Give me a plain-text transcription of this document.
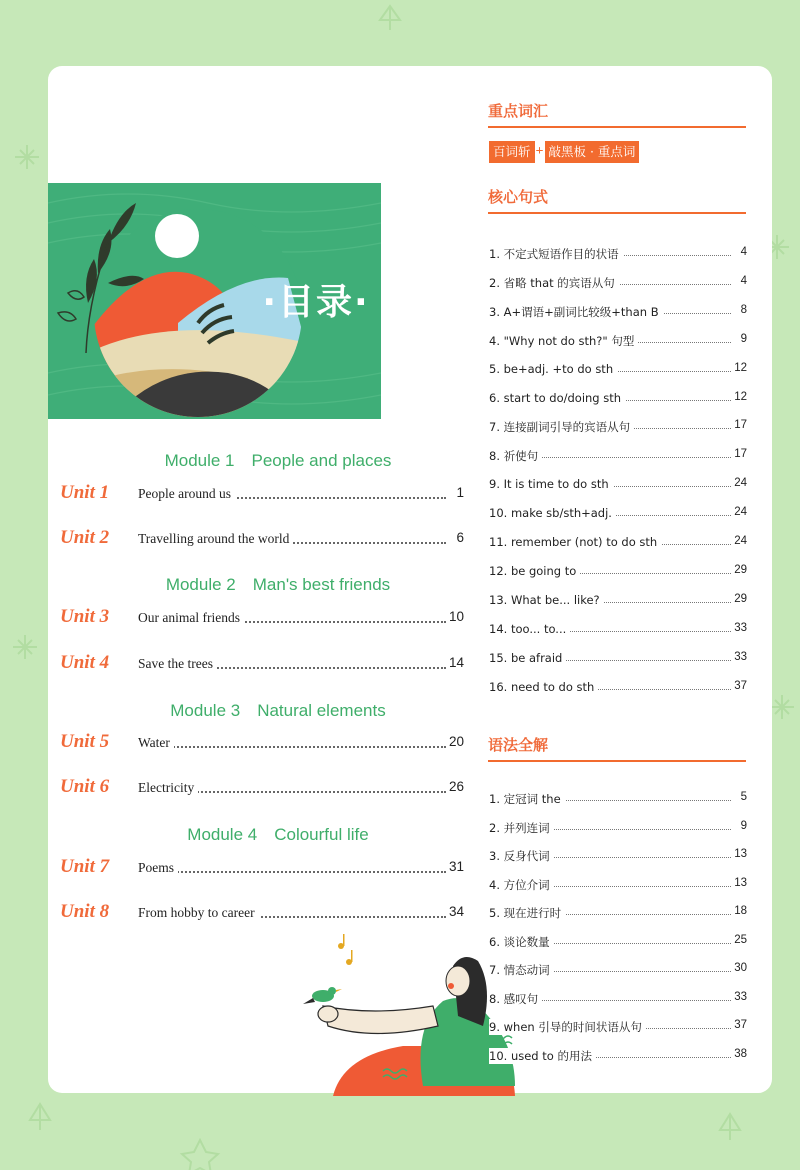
·目录·
Module 1　People and places
Unit 1	People around us	1
Unit 2	Travelling around the world	6
Module 2　Man's best friends
Unit 3	Our animal friends	10
Unit 4	Save the trees	14
Module 3　Natural elements
Unit 5	Water	20
Unit 6	Electricity	26
Module 4　Colourful life
Unit 7	Poems	31
Unit 8	From hobby to career	34
重点词汇
百词斩 + 敲黑板 · 重点词
核心句式
1. 不定式短语作目的状语	4
2. 省略 that 的宾语从句	4
3. A+谓语+副词比较级+than B	8
4. "Why not do sth?" 句型	9
5. be+adj. +to do sth	12
6. start to do/doing sth	12
7. 连接副词引导的宾语从句	17
8. 祈使句	17
9. It is time to do sth	24
10. make sb/sth+adj.	24
11. remember (not) to do sth	24
12. be going to	29
13. What be... like?	29
14. too... to...	33
15. be afraid	33
16. need to do sth	37
语法全解
1. 定冠词 the	5
2. 并列连词	9
3. 反身代词	13
4. 方位介词	13
5. 现在进行时	18
6. 谈论数量	25
7. 情态动词	30
8. 感叹句	33
9. when 引导的时间状语从句	37
10. used to 的用法	38
